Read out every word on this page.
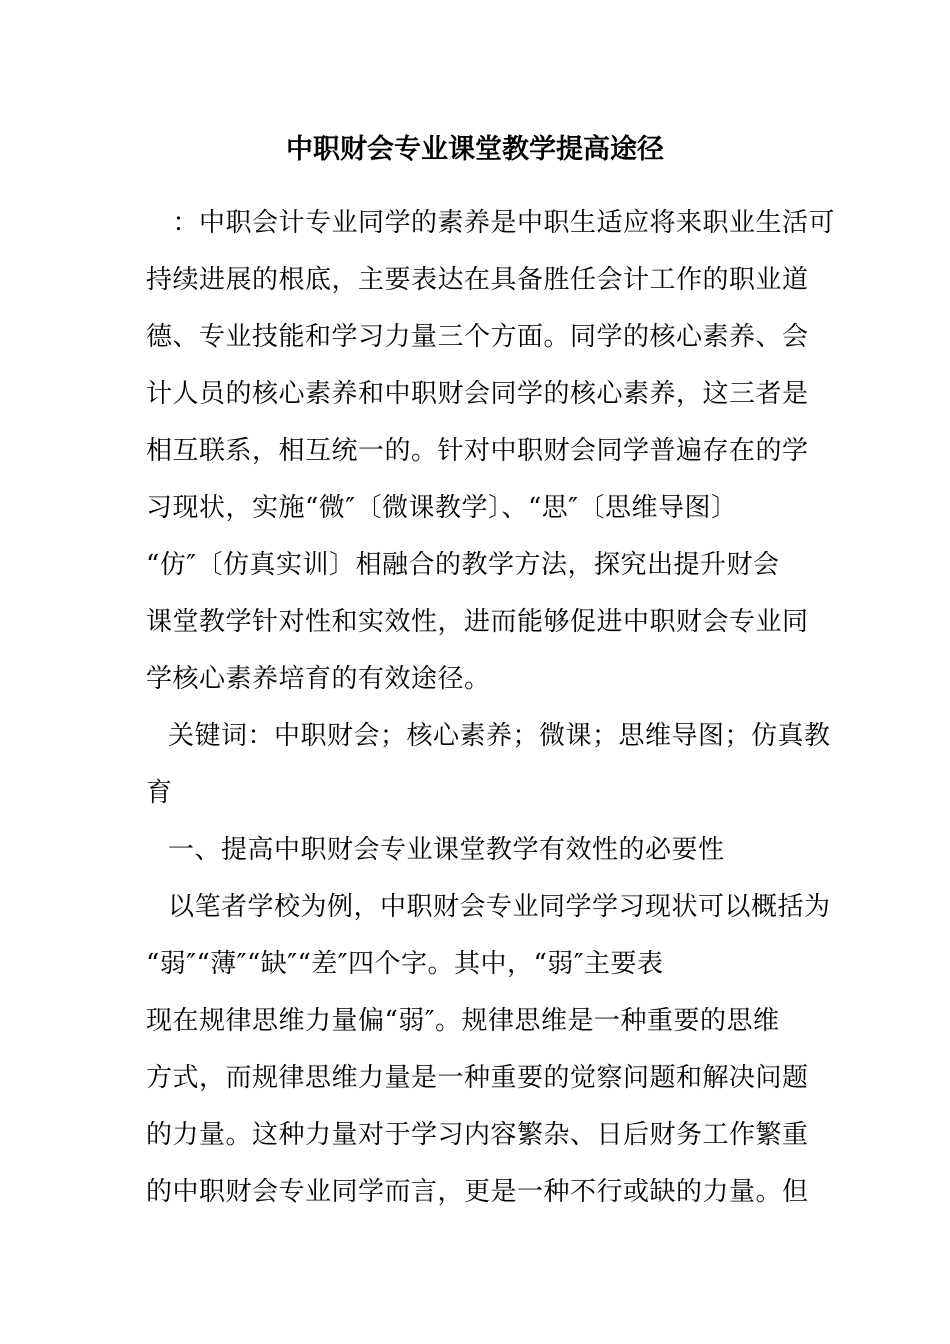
中职财会专业课堂教学提高途径
　：中职会计专业同学的素养是中职生适应将来职业生活可
持续进展的根底，主要表达在具备胜任会计工作的职业道
德、专业技能和学习力量三个方面。同学的核心素养、会
计人员的核心素养和中职财会同学的核心素养，这三者是
相互联系，相互统一的。针对中职财会同学普遍存在的学
习现状，实施“微″〔微课教学〕、“思″〔思维导图〕
“仿″〔仿真实训〕相融合的教学方法，探究出提升财会
课堂教学针对性和实效性，进而能够促进中职财会专业同
学核心素养培育的有效途径。
关键词：中职财会；核心素养；微课；思维导图；仿真教
育
一、提高中职财会专业课堂教学有效性的必要性
以笔者学校为例，中职财会专业同学学习现状可以概括为
“弱″“薄″“缺″“差″四个字。其中，“弱″主要表
现在规律思维力量偏“弱″。规律思维是一种重要的思维
方式，而规律思维力量是一种重要的觉察问题和解决问题
的力量。这种力量对于学习内容繁杂、日后财务工作繁重
的中职财会专业同学而言，更是一种不行或缺的力量。但
